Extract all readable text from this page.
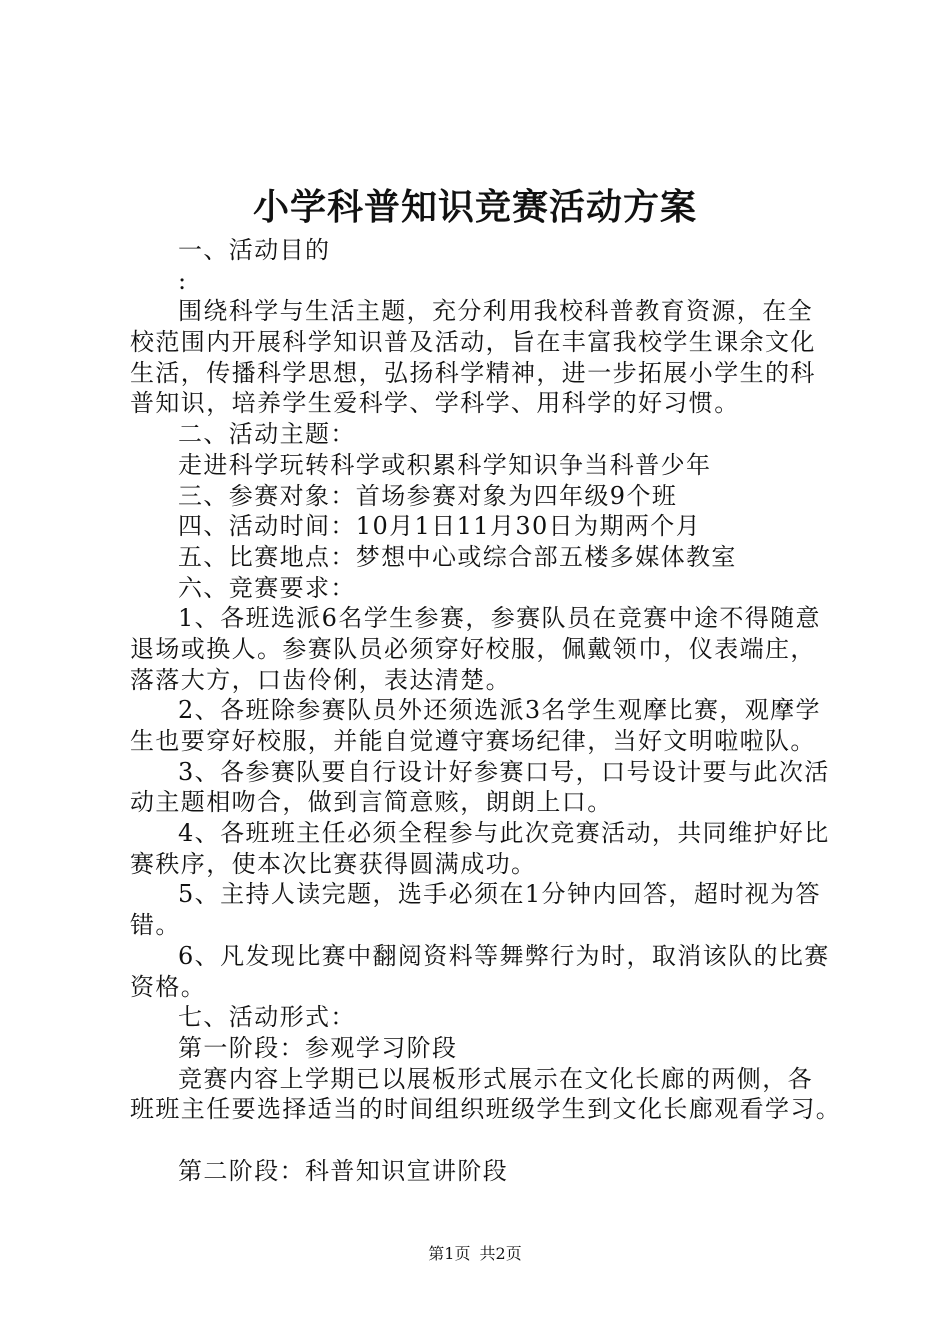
小学科普知识竞赛活动方案
一、活动目的
:
围绕科学与生活主题，充分利用我校科普教育资源，在全
校范围内开展科学知识普及活动，旨在丰富我校学生课余文化
生活，传播科学思想，弘扬科学精神，进一步拓展小学生的科
普知识，培养学生爱科学、学科学、用科学的好习惯。
二、活动主题：
走进科学玩转科学或积累科学知识争当科普少年
三、参赛对象：首场参赛对象为四年级9个班
四、活动时间：10月1日11月30日为期两个月
五、比赛地点：梦想中心或综合部五楼多媒体教室
六、竞赛要求：
1、各班选派6名学生参赛，参赛队员在竞赛中途不得随意
退场或换人。参赛队员必须穿好校服，佩戴领巾，仪表端庄，
落落大方，口齿伶俐，表达清楚。
2、各班除参赛队员外还须选派3名学生观摩比赛，观摩学
生也要穿好校服，并能自觉遵守赛场纪律，当好文明啦啦队。
3、各参赛队要自行设计好参赛口号，口号设计要与此次活
动主题相吻合，做到言简意赅，朗朗上口。
4、各班班主任必须全程参与此次竞赛活动，共同维护好比
赛秩序，使本次比赛获得圆满成功。
5、主持人读完题，选手必须在1分钟内回答，超时视为答
错。
6、凡发现比赛中翻阅资料等舞弊行为时，取消该队的比赛
资格。
七、活动形式：
第一阶段：参观学习阶段
竞赛内容上学期已以展板形式展示在文化长廊的两侧，各
班班主任要选择适当的时间组织班级学生到文化长廊观看学习。
第二阶段：科普知识宣讲阶段
第1页 共2页
